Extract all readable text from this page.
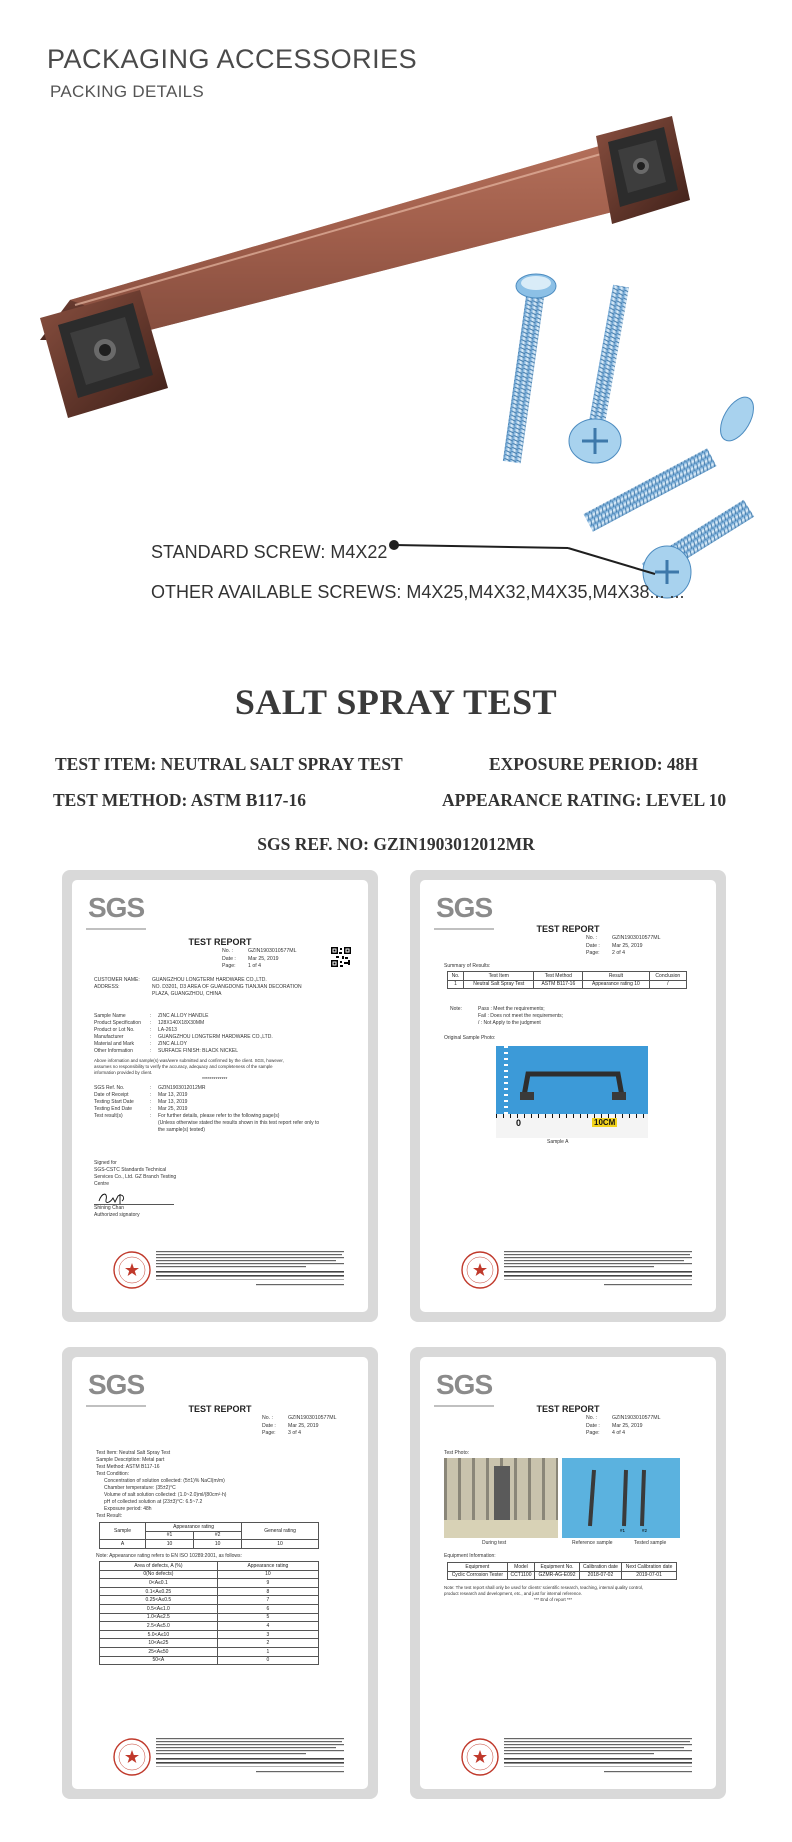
PACKAGING ACCESSORIES
PACKING DETAILS
STANDARD SCREW: M4X22
OTHER AVAILABLE SCREWS: M4X25,M4X32,M4X35,M4X38... ...
SALT SPRAY TEST
TEST ITEM: NEUTRAL SALT SPRAY TEST	EXPOSURE PERIOD: 48H
TEST METHOD: ASTM B117-16	APPEARANCE RATING: LEVEL 10
SGS REF. NO: GZIN1903012012MR
SGS
TEST REPORT
No. :	GZIN1903010577ML
Date : Mar 25, 2019
Page: 1 of 4
CUSTOMER NAME: GUANGZHOU LONGTERM HARDWARE CO.,LTD.
ADDRESS:	NO. D3201, D3 AREA OF GUANGDONG TIANJIAN DECORATION
PLAZA, GUANGZHOU, CHINA
Sample Name	: ZINC ALLOY HANDLE
Product Specification : 128X140X18X30MM
Product or Lot No.	: LA-2613
Manufacturer	: GUANGZHOU LONGTERM HARDWARE CO.,LTD.
Material and Mark	: ZINC ALLOY
Other Information	: SURFACE FINISH: BLACK NICKEL
Above information and sample(s) was/were submitted and confirmed by the client. SGS, however,
assumes no responsibility to verify the accuracy, adequacy and completeness of the sample
information provided by client.
*************
SGS Ref. No.	: GZIN1903012012MR
Date of Receipt	: Mar 13, 2019
Testing Start Date	: Mar 13, 2019
Testing End Date	: Mar 25, 2019
Test result(s)	: For further details, please refer to the following page(s)
(Unless otherwise stated the results shown in this test report refer only to
the sample(s) tested)
Signed for
SGS-CSTC Standards Technical
Services Co., Ltd. GZ Branch Testing
Centre
Shining Chan
Authorized signatory
SGS
TEST REPORT
No. :	GZIN1903010577ML
Date : Mar 25, 2019
Page: 2 of 4
Summary of Results:
No.	Test Item	Test Method	Result	Conclusion
1	Neutral Salt Spray Test	ASTM B117-16	Appearance rating 10	/
Note:	Pass : Meet the requirements;
Fail : Does not meet the requirements;
/ : Not Apply to the judgment
Original Sample Photo:
0	10CM
Sample A
SGS
TEST REPORT
No. :	GZIN1903010577ML
Date : Mar 25, 2019
Page: 3 of 4
Test Item: Neutral Salt Spray Test
Sample Description: Metal part
Test Method: ASTM B117-16
Test Condition:
Concentration of solution collected: (5±1)% NaCl(m/m)
Chamber temperature: (35±2)°C
Volume of salt solution collected: (1.0~2.0)ml/(80cm²·h)
pH of collected solution at (23±3)°C: 6.5~7.2
Exposure period: 48h
Test Result:
Sample	Appearance rating		General rating
	#1	#2	
A	10	10	10
Note: Appearance rating refers to EN ISO 10289:2001, as follows:
Area of defects, A (%)	Appearance rating
0(No defects)	10
0<A≤0.1	9
0.1<A≤0.25	8
0.25<A≤0.5	7
0.5<A≤1.0	6
1.0<A≤2.5	5
2.5<A≤5.0	4
5.0<A≤10	3
10<A≤25	2
25<A≤50	1
50<A	0
SGS
TEST REPORT
No. :	GZIN1903010577ML
Date : Mar 25, 2019
Page: 4 of 4
Test Photo:
#1	#2
During test	Reference sample	Tested sample
Equipment Information:
Equipment	Model	Equipment No.	Calibration date	Next Calibration date
Cyclic Corrosion Tester	CCT1100	GZMR-AG-E092	2018-07-02	2019-07-01
Note: The test report shall only be used for clients' scientific research, teaching, internal quality control,
product research and development, etc., and just for internal reference.
*** End of report ***
